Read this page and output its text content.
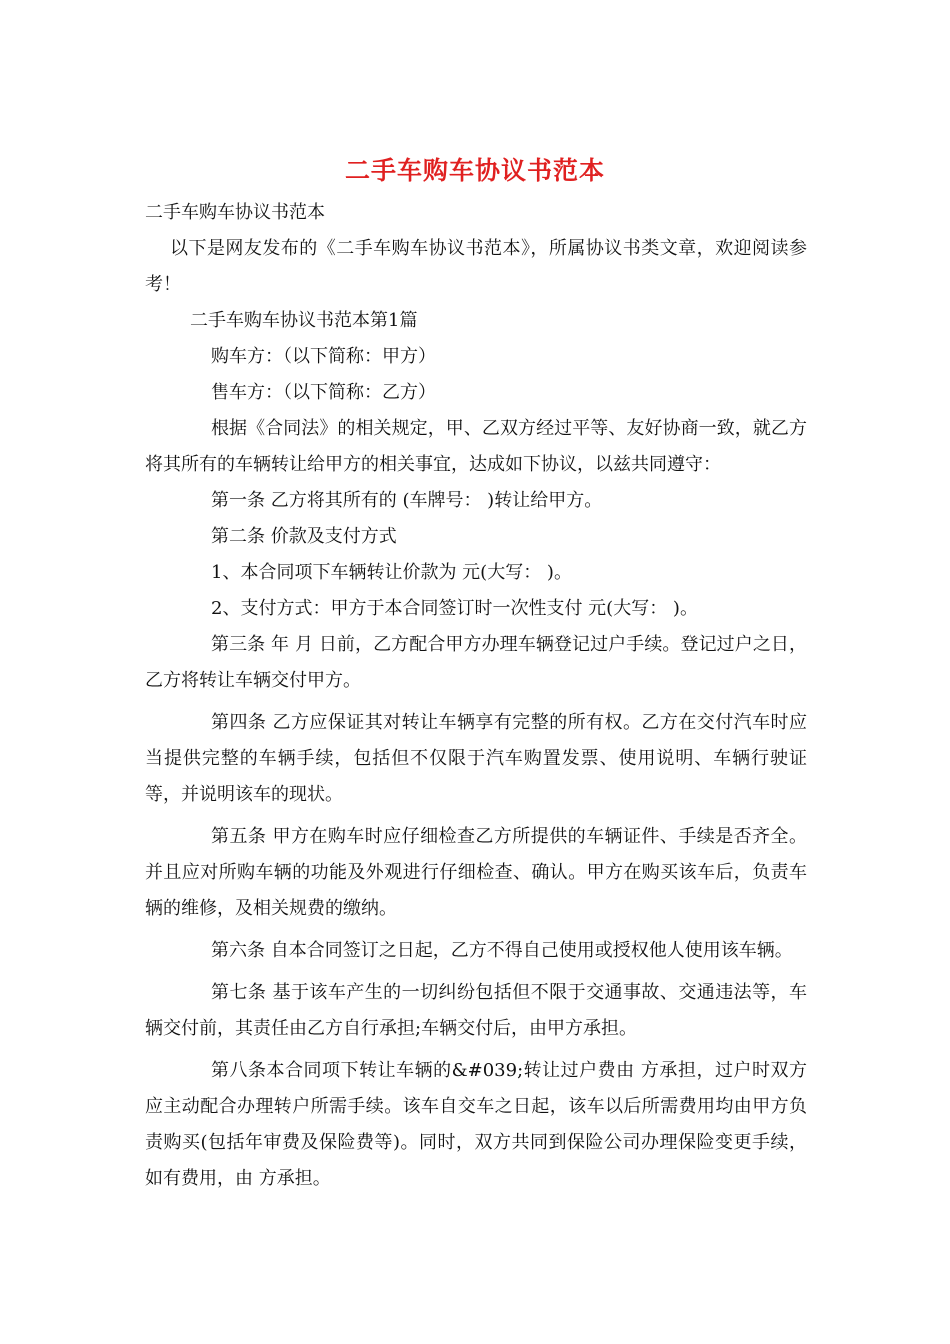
二手车购车协议书范本

二手车购车协议书范本

以下是网友发布的《二手车购车协议书范本》，所属协议书类文章，欢迎阅读参考！

二手车购车协议书范本第1篇

购车方：（以下简称：甲方）

售车方：（以下简称：乙方）

根据《合同法》的相关规定，甲、乙双方经过平等、友好协商一致，就乙方将其所有的车辆转让给甲方的相关事宜，达成如下协议，以兹共同遵守：

第一条 乙方将其所有的 (车牌号： )转让给甲方。

第二条 价款及支付方式

1、本合同项下车辆转让价款为 元(大写： )。

2、支付方式：甲方于本合同签订时一次性支付 元(大写： )。

第三条 年 月 日前，乙方配合甲方办理车辆登记过户手续。登记过户之日，乙方将转让车辆交付甲方。

第四条 乙方应保证其对转让车辆享有完整的所有权。乙方在交付汽车时应当提供完整的车辆手续，包括但不仅限于汽车购置发票、使用说明、车辆行驶证等，并说明该车的现状。

第五条 甲方在购车时应仔细检查乙方所提供的车辆证件、手续是否齐全。并且应对所购车辆的功能及外观进行仔细检查、确认。甲方在购买该车后，负责车辆的维修，及相关规费的缴纳。

第六条 自本合同签订之日起，乙方不得自己使用或授权他人使用该车辆。

第七条 基于该车产生的一切纠纷包括但不限于交通事故、交通违法等，车辆交付前，其责任由乙方自行承担;车辆交付后，由甲方承担。

第八条本合同项下转让车辆的&#039;转让过户费由 方承担，过户时双方应主动配合办理转户所需手续。该车自交车之日起，该车以后所需费用均由甲方负责购买(包括年审费及保险费等)。同时，双方共同到保险公司办理保险变更手续，如有费用，由 方承担。
